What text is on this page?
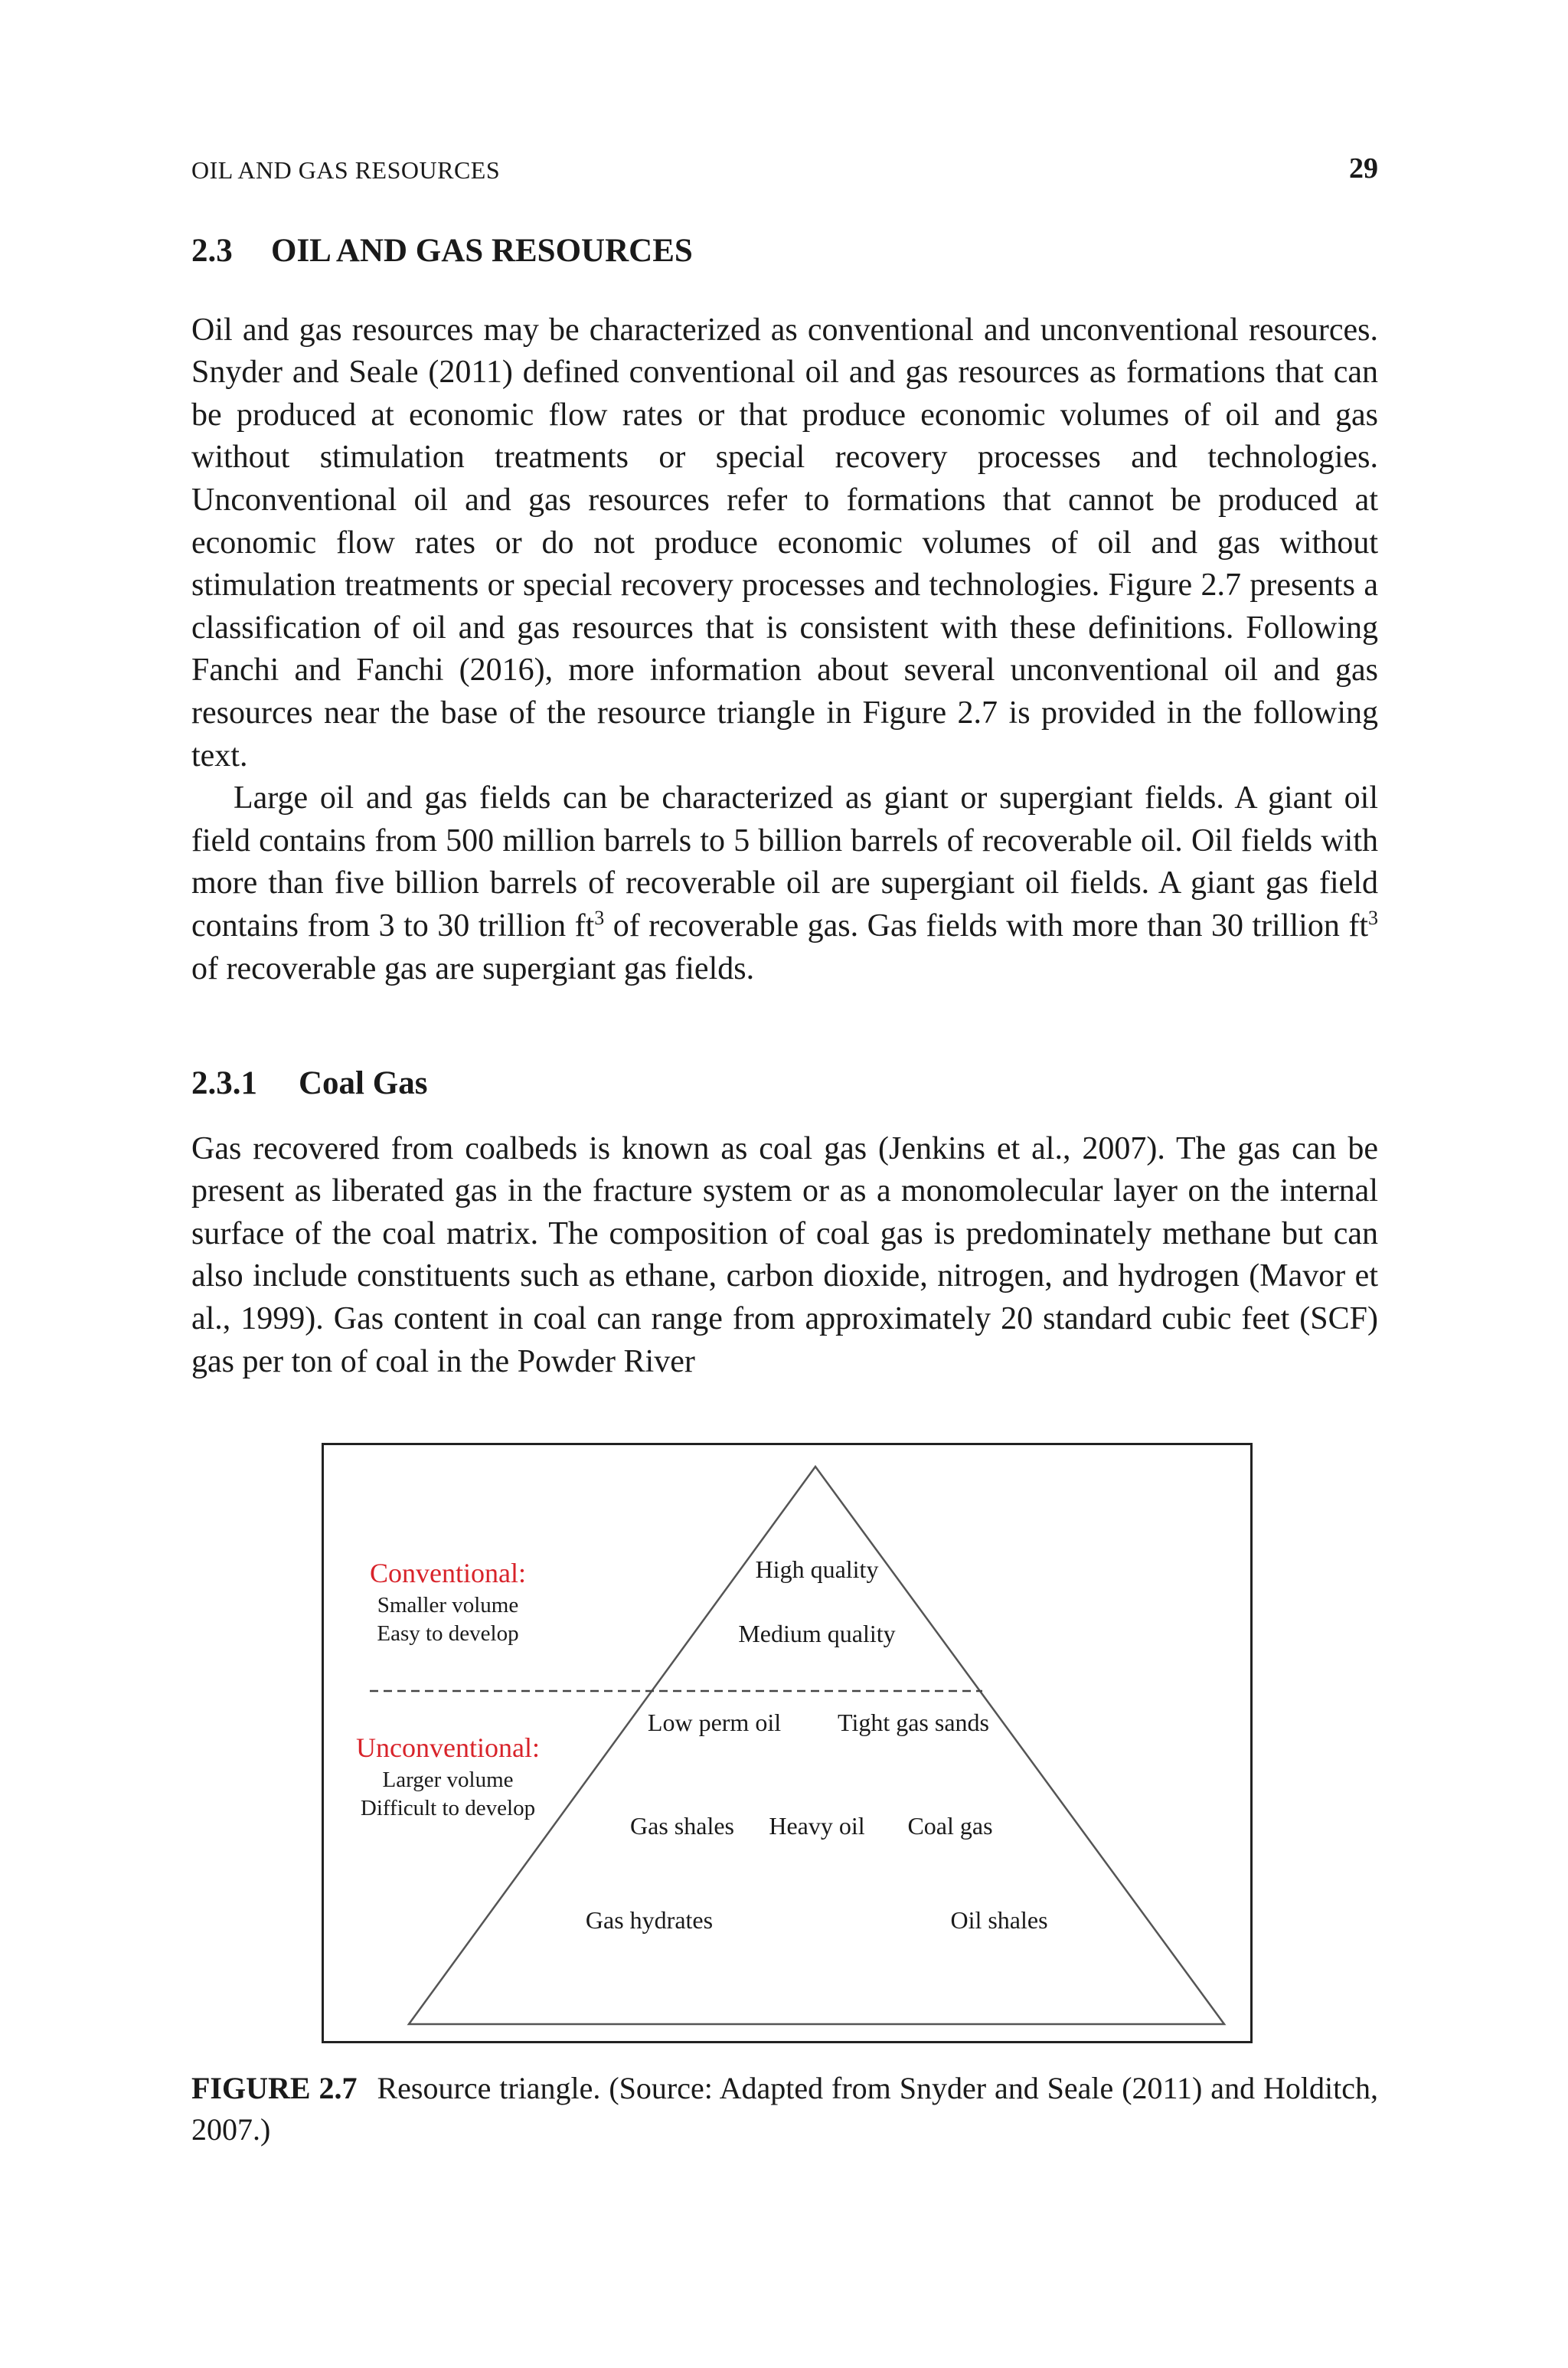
OIL AND GAS RESOURCES	29
2.3 OIL AND GAS RESOURCES

Oil and gas resources may be characterized as conventional and unconventional resources. Snyder and Seale (2011) defined conventional oil and gas resources as formations that can be produced at economic flow rates or that produce economic volumes of oil and gas without stimulation treatments or special recovery processes and technologies. Unconventional oil and gas resources refer to formations that cannot be produced at economic flow rates or do not produce economic volumes of oil and gas without stimulation treatments or special recovery processes and technologies. Figure 2.7 presents a classification of oil and gas resources that is consistent with these definitions. Following Fanchi and Fanchi (2016), more information about several unconventional oil and gas resources near the base of the resource triangle in Figure 2.7 is provided in the following text.

Large oil and gas fields can be characterized as giant or supergiant fields. A giant oil field contains from 500 million barrels to 5 billion barrels of recoverable oil. Oil fields with more than five billion barrels of recoverable oil are supergiant oil fields. A giant gas field contains from 3 to 30 trillion $ft^3$ of recoverable gas. Gas fields with more than 30 trillion $ft^3$ of recoverable gas are supergiant gas fields.

2.3.1 Coal Gas

Gas recovered from coalbeds is known as coal gas (Jenkins et al., 2007). The gas can be present as liberated gas in the fracture system or as a monomolecular layer on the internal surface of the coal matrix. The composition of coal gas is predominately methane but can also include constituents such as ethane, carbon dioxide, nitrogen, and hydrogen (Mavor et al., 1999). Gas content in coal can range from approximately 20 standard cubic feet (SCF) gas per ton of coal in the Powder River

Conventional:
Smaller volume
Easy to develop
Unconventional:
Larger volume
Difficult to develop
High quality
Medium quality
Low perm oil Tight gas sands
Gas shales Heavy oil Coal gas
Gas hydrates	Oil shales
FIGURE 2.7 Resource triangle. (Source: Adapted from Snyder and Seale (2011) and Holditch, 2007.)
